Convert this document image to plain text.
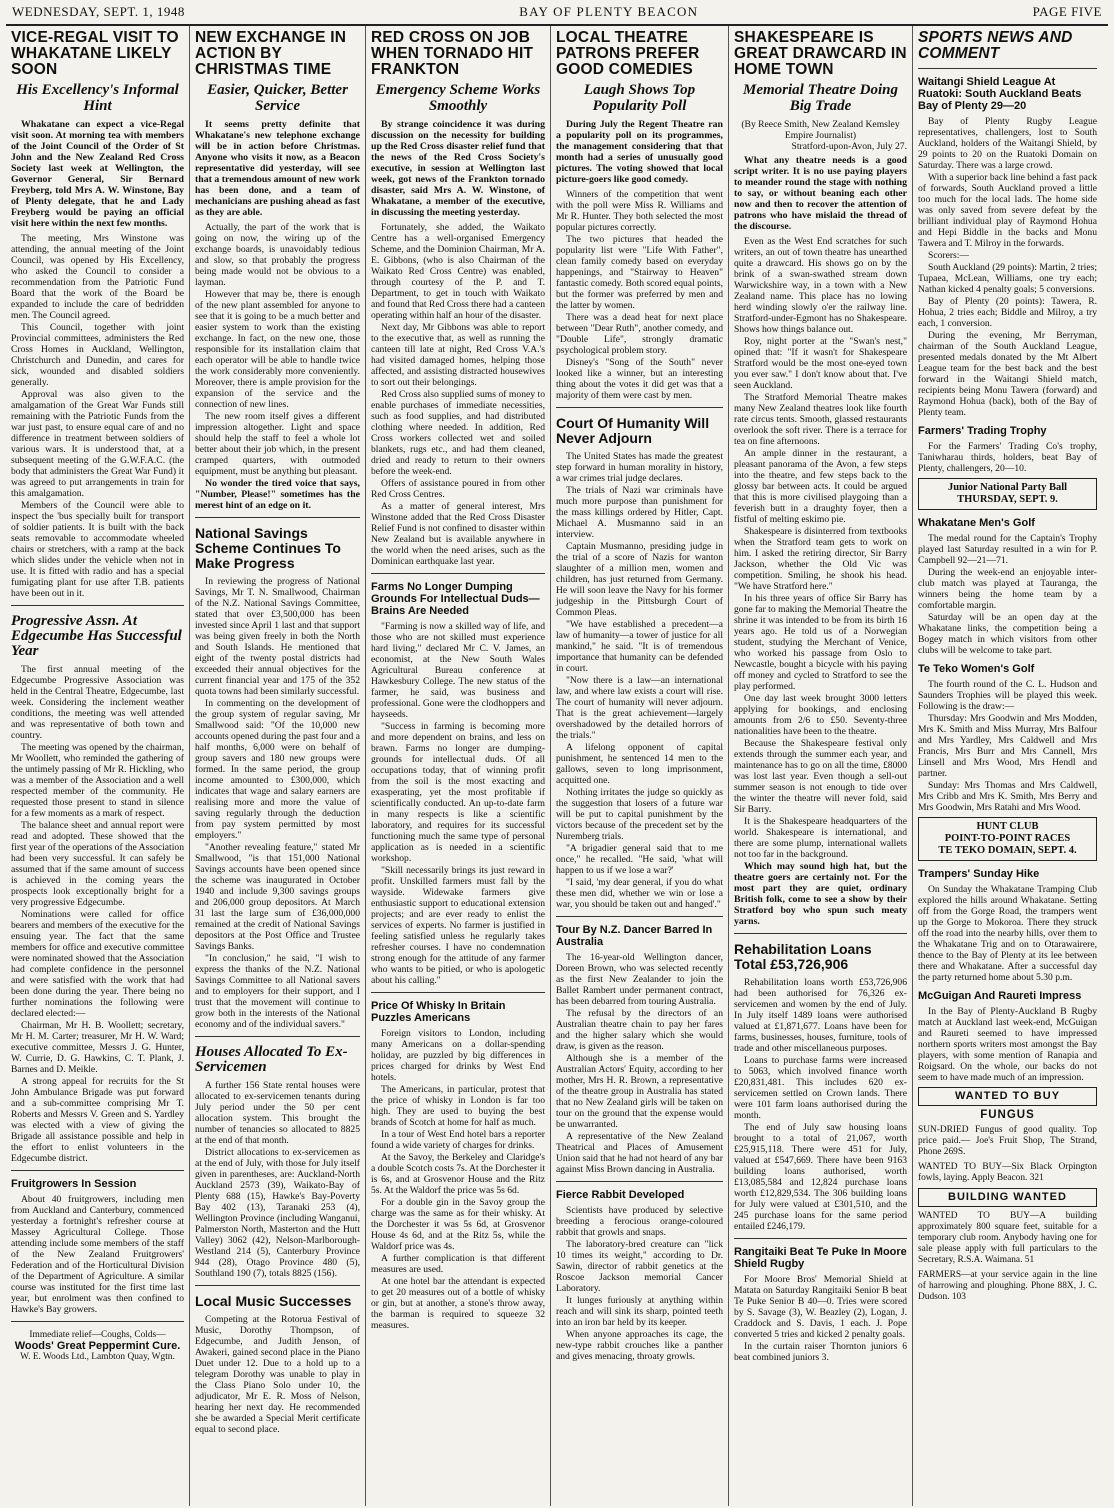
WEDNESDAY, SEPT. 1, 1948	BAY OF PLENTY BEACON	PAGE FIVE
VICE-REGAL VISIT TO WHAKATANE LIKELY SOON
His Excellency's Informal Hint

Whakatane can expect a vice-Regal visit soon. At morning tea with members of the Joint Council of the Order of St John and the New Zealand Red Cross Society last week at Wellington, the Governor General, Sir Bernard Freyberg, told Mrs A. W. Winstone, Bay of Plenty delegate, that he and Lady Freyberg would be paying an official visit here within the next few months.

The meeting, Mrs Winstone was attending, the annual meeting of the Joint Council, was opened by His Excellency, who asked the Council to consider a recommendation from the Patriotic Fund Board that the work of the Board be expanded to include the care of bedridden men. The Council agreed.

This Council, together with joint Provincial committees, administers the Red Cross Homes in Auckland, Wellington, Christchurch and Dunedin, and cares for sick, wounded and disabled soldiers generally.

Approval was also given to the amalgamation of the Great War Funds still remaining with the Patriotic Funds from the war just past, to ensure equal care of and no difference in treatment between soldiers of various wars. It is understood that, at a subsequent meeting of the G.W.F.A.C. (the body that administers the Great War Fund) it was agreed to put arrangements in train for this amalgamation.

Members of the Council were able to inspect the 'bus specially built for transport of soldier patients. It is built with the back seats removable to accommodate wheeled chairs or stretchers, with a ramp at the back which slides under the vehicle when not in use. It is fitted with radio and has a special fumigating plant for use after T.B. patients have been out in it.

Progressive Assn. At Edgecumbe Has Successful Year

The first annual meeting of the Edgecumbe Progressive Association was held in the Central Theatre, Edgecumbe, last week. Considering the inclement weather conditions, the meeting was well attended and was representative of both town and country.

The meeting was opened by the chairman, Mr Woollett, who reminded the gathering of the untimely passing of Mr R. Hickling, who was a member of the Association and a well respected member of the community. He requested those present to stand in silence for a few moments as a mark of respect.

The balance sheet and annual report were read and adopted. These showed that the first year of the operations of the Association had been very successful. It can safely be assumed that if the same amount of success is achieved in the coming years the prospects look exceptionally bright for a very progressive Edgecumbe.

Nominations were called for office bearers and members of the executive for the ensuing year. The fact that the same members for office and executive committee were nominated showed that the Association had complete confidence in the personnel and were satisfied with the work that had been done during the year. There being no further nominations the following were declared elected:—

Chairman, Mr H. B. Woollett; secretary, Mr H. M. Carter; treasurer, Mr H. W. Ward; executive committee, Messrs J. G. Hunter, W. Currie, D. G. Hawkins, C. T. Plank, J. Barnes and D. Meikle.

A strong appeal for recruits for the St John Ambulance Brigade was put forward and a sub-committee comprising Mr T. Roberts and Messrs V. Green and S. Yardley was elected with a view of giving the Brigade all assistance possible and help in the effort to enlist volunteers in the Edgecumbe district.

Fruitgrowers In Session

About 40 fruitgrowers, including men from Auckland and Canterbury, commenced yesterday a fortnight's refresher course at Massey Agricultural College. Those attending include some members of the staff of the New Zealand Fruitgrowers' Federation and of the Horticultural Division of the Department of Agriculture. A similar course was instituted for the first time last year, but enrolment was then confined to Hawke's Bay growers.

Immediate relief—Coughs, Colds—
Woods' Great Peppermint Cure.
W. E. Woods Ltd., Lambton Quay, Wgtn.
NEW EXCHANGE IN ACTION BY CHRISTMAS TIME
Easier, Quicker, Better Service

It seems pretty definite that Whakatane's new telephone exchange will be in action before Christmas. Anyone who visits it now, as a Beacon representative did yesterday, will see that a tremendous amount of new work has been done, and a team of mechanicians are pushing ahead as fast as they are able.

Actually, the part of the work that is going on now, the wiring up of the exchange boards, is unavoidably tedious and slow, so that probably the progress being made would not be obvious to a layman.

However that may be, there is enough of the new plant assembled for anyone to see that it is going to be a much better and easier system to work than the existing exchange. In fact, on the new one, those responsible for its installation claim that each operator will be able to handle twice the work considerably more conveniently. Moreover, there is ample provision for the expansion of the service and the connection of new lines.

The new room itself gives a different impression altogether. Light and space should help the staff to feel a whole lot better about their job which, in the present cramped quarters, with outmoded equipment, must be anything but pleasant.

No wonder the tired voice that says, "Number, Please!" sometimes has the merest hint of an edge on it.

National Savings Scheme Continues To Make Progress

In reviewing the progress of National Savings, Mr T. N. Smallwood, Chairman of the N.Z. National Savings Committee, stated that over £3,500,000 has been invested since April 1 last and that support was being given freely in both the North and South Islands. He mentioned that eight of the twenty postal districts had exceeded their annual objectives for the current financial year and 175 of the 352 quota towns had been similarly successful.

In commenting on the development of the group system of regular saving, Mr Smallwood said: "Of the 10,000 new accounts opened during the past four and a half months, 6,000 were on behalf of group savers and 180 new groups were formed. In the same period, the group income amounted to £300,000, which indicates that wage and salary earners are realising more and more the value of saving regularly through the deduction from pay system permitted by most employers."

"Another revealing feature," stated Mr Smallwood, "is that 151,000 National Savings accounts have been opened since the scheme was inaugurated in October 1940 and include 9,300 savings groups and 206,000 group depositors. At March 31 last the large sum of £36,000,000 remained at the credit of National Savings depositors at the Post Office and Trustee Savings Banks.

"In conclusion," he said, "I wish to express the thanks of the N.Z. National Savings Committee to all National savers and to employers for their support, and I trust that the movement will continue to grow both in the interests of the National economy and of the individual savers."

Houses Allocated To Ex-Servicemen

A further 156 State rental houses were allocated to ex-servicemen tenants during July period under the 50 per cent allocation system. This brought the number of tenancies so allocated to 8825 at the end of that month.

District allocations to ex-servicemen as at the end of July, with those for July itself given in parentheses, are: Auckland-North Auckland 2573 (39), Waikato-Bay of Plenty 688 (15), Hawke's Bay-Poverty Bay 402 (13), Taranaki 253 (4), Wellington Province (including Wanganui, Palmerston North, Masterton and the Hutt Valley) 3062 (42), Nelson-Marlborough-Westland 214 (5), Canterbury Province 944 (28), Otago Province 480 (5), Southland 190 (7), totals 8825 (156).

Local Music Successes

Competing at the Rotorua Festival of Music, Dorothy Thompson, of Edgecumbe, and Judith Jenson, of Awakeri, gained second place in the Piano Duet under 12. Due to a hold up to a telegram Dorothy was unable to play in the Class Piano Solo under 10, the adjudicator, Mr E. R. Moss of Nelson, hearing her next day. He recommended she be awarded a Special Merit certificate equal to second place.

RED CROSS ON JOB WHEN TORNADO HIT FRANKTON
Emergency Scheme Works Smoothly

By strange coincidence it was during discussion on the necessity for building up the Red Cross disaster relief fund that the news of the Red Cross Society's executive, in session at Wellington last week, got news of the Frankton tornado disaster, said Mrs A. W. Winstone, of Whakatane, a member of the executive, in discussing the meeting yesterday.

Fortunately, she added, the Waikato Centre has a well-organised Emergency Scheme, and the Dominion Chairman, Mr A. E. Gibbons, (who is also Chairman of the Waikato Red Cross Centre) was enabled, through courtesy of the P. and T. Department, to get in touch with Waikato and found that Red Cross there had a canteen operating within half an hour of the disaster.

Next day, Mr Gibbons was able to report to the executive that, as well as running the canteen till late at night, Red Cross V.A.'s had visited damaged homes, helping those affected, and assisting distracted housewives to sort out their belongings.

Red Cross also supplied sums of money to enable purchases of immediate necessities, such as food supplies, and had distributed clothing where needed. In addition, Red Cross workers collected wet and soiled blankets, rugs etc., and had them cleaned, dried and ready to return to their owners before the week-end.

Offers of assistance poured in from other Red Cross Centres.

As a matter of general interest, Mrs Winstone added that the Red Cross Disaster Relief Fund is not confined to disaster within New Zealand but is available anywhere in the world when the need arises, such as the Dominican earthquake last year.

Farms No Longer Dumping Grounds For Intellectual Duds—Brains Are Needed

"Farming is now a skilled way of life, and those who are not skilled must experience hard living," declared Mr C. V. James, an economist, at the New South Wales Agricultural Bureau conference at Hawkesbury College. The new status of the farmer, he said, was business and professional. Gone were the clodhoppers and hayseeds.

"Success in farming is becoming more and more dependent on brains, and less on brawn. Farms no longer are dumping-grounds for intellectual duds. Of all occupations today, that of winning profit from the soil is the most exacting and exasperating, yet the most profitable if scientifically conducted. An up-to-date farm in many respects is like a scientific laboratory, and requires for its successful functioning much the same type of personal application as is needed in a scientific workshop.

"Skill necessarily brings its just reward in profit. Unskilled farmers must fall by the wayside. Widewake farmers give enthusiastic support to educational extension projects; and are ever ready to enlist the services of experts. No farmer is justified in feeling satisfied unless he regularly takes refresher courses. I have no condemnation strong enough for the attitude of any farmer who wants to be pitied, or who is apologetic about his calling."

Price Of Whisky In Britain Puzzles Americans

Foreign visitors to London, including many Americans on a dollar-spending holiday, are puzzled by big differences in prices charged for drinks by West End hotels.

The Americans, in particular, protest that the price of whisky in London is far too high. They are used to buying the best brands of Scotch at home for half as much.

In a tour of West End hotel bars a reporter found a wide variety of charges for drinks.

At the Savoy, the Berkeley and Claridge's a double Scotch costs 7s. At the Dorchester it is 6s, and at Grosvenor House and the Ritz 5s. At the Waldorf the price was 5s 6d.

For a double gin in the Savoy group the charge was the same as for their whisky. At the Dorchester it was 5s 6d, at Grosvenor House 4s 6d, and at the Ritz 5s, while the Waldorf price was 4s.

A further complication is that different measures are used.

At one hotel bar the attendant is expected to get 20 measures out of a bottle of whisky or gin, but at another, a stone's throw away, the barman is required to squeeze 32 measures.

LOCAL THEATRE PATRONS PREFER GOOD COMEDIES
Laugh Shows Top Popularity Poll

During July the Regent Theatre ran a popularity poll on its programmes, the management considering that that month had a series of unusually good pictures. The voting showed that local picture-goers like good comedy.

Winners of the competition that went with the poll were Miss R. Williams and Mr R. Hunter. They both selected the most popular pictures correctly.

The two pictures that headed the popularity list were "Life With Father", clean family comedy based on everyday happenings, and "Stairway to Heaven" fantastic comedy. Both scored equal points, but the former was preferred by men and the latter by women.

There was a dead heat for next place between "Dear Ruth", another comedy, and "Double Life", strongly dramatic psychological problem story.

Disney's "Song of the South" never looked like a winner, but an interesting thing about the votes it did get was that a majority of them were cast by men.

Court Of Humanity Will Never Adjourn

The United States has made the greatest step forward in human morality in history, a war crimes trial judge declares.

The trials of Nazi war criminals have much more purpose than punishment for the mass killings ordered by Hitler, Capt. Michael A. Musmanno said in an interview.

Captain Musmanno, presiding judge in the trial of a score of Nazis for wanton slaughter of a million men, women and children, has just returned from Germany. He will soon leave the Navy for his former judgeship in the Pittsburgh Court of Common Pleas.

"We have established a precedent—a law of humanity—a tower of justice for all mankind," he said. "It is of tremendous importance that humanity can be defended in court.

"Now there is a law—an international law, and where law exists a court will rise. The court of humanity will never adjourn. That is the great achievement—largely overshadowed by the detailed horrors of the trials."

A lifelong opponent of capital punishment, he sentenced 14 men to the gallows, seven to long imprisonment, acquitted one.

Nothing irritates the judge so quickly as the suggestion that losers of a future war will be put to capital punishment by the victors because of the precedent set by the Nuremberg trials.

"A brigadier general said that to me once," he recalled. "He said, 'what will happen to us if we lose a war?'

"I said, 'my dear general, if you do what these men did, whether we win or lose a war, you should be taken out and hanged'."

Tour By N.Z. Dancer Barred In Australia

The 16-year-old Wellington dancer, Doreen Brown, who was selected recently as the first New Zealander to join the Ballet Rambert under permanent contract, has been debarred from touring Australia.

The refusal by the directors of an Australian theatre chain to pay her fares and the higher salary which she would draw, is given as the reason.

Although she is a member of the Australian Actors' Equity, according to her mother, Mrs H. R. Brown, a representative of the theatre group in Australia has stated that no New Zealand girls will be taken on tour on the ground that the expense would be unwarranted.

A representative of the New Zealand Theatrical and Places of Amusement Union said that he had not heard of any bar against Miss Brown dancing in Australia.

Fierce Rabbit Developed

Scientists have produced by selective breeding a ferocious orange-coloured rabbit that growls and snaps.

The laboratory-bred creature can "lick 10 times its weight," according to Dr. Sawin, director of rabbit genetics at the Roscoe Jackson memorial Cancer Laboratory.

It lunges furiously at anything within reach and will sink its sharp, pointed teeth into an iron bar held by its keeper.

When anyone approaches its cage, the new-type rabbit crouches like a panther and gives menacing, throaty growls.

SHAKESPEARE IS GREAT DRAWCARD IN HOME TOWN
Memorial Theatre Doing Big Trade

(By Reece Smith, New Zealand Kemsley Empire Journalist)

Stratford-upon-Avon, July 27.

What any theatre needs is a good script writer. It is no use paying players to meander round the stage with nothing to say, or without beaning each other now and then to recover the attention of patrons who have mislaid the thread of the discourse.

Even as the West End scratches for such writers, an out of town theatre has unearthed quite a drawcard. His shows go on by the brink of a swan-swathed stream down Warwickshire way, in a town with a New Zealand name. This place has no lowing herd winding slowly o'er the railway line. Stratford-under-Egmont has no Shakespeare. Shows how things balance out.

Roy, night porter at the "Swan's nest," opined that: "If it wasn't for Shakespeare Stratford would be the most one-eyed town you ever saw." I don't know about that. I've seen Auckland.

The Stratford Memorial Theatre makes many New Zealand theatres look like fourth rate circus tents. Smooth, glassed restaurants overlook the soft river. There is a terrace for tea on fine afternoons.

An ample dinner in the restaurant, a pleasant panorama of the Avon, a few steps into the theatre, and few steps back to the glossy bar between acts. It could be argued that this is more civilised playgoing than a feverish butt in a draughty foyer, then a fistful of melting eskimo pie.

Shakespeare is disinterred from textbooks when the Stratford team gets to work on him. I asked the retiring director, Sir Barry Jackson, whether the Old Vic was competition. Smiling, he shook his head. "We have Stratford here."

In his three years of office Sir Barry has gone far to making the Memorial Theatre the shrine it was intended to be from its birth 16 years ago. He told us of a Norwegian student, studying the Merchant of Venice, who worked his passage from Oslo to Newcastle, bought a bicycle with his paying off money and cycled to Stratford to see the play performed.

One day last week brought 3000 letters applying for bookings, and enclosing amounts from 2/6 to £50. Seventy-three nationalities have been to the theatre.

Because the Shakespeare festival only extends through the summer each year, and maintenance has to go on all the time, £8000 was lost last year. Even though a sell-out summer season is not enough to tide over the winter the theatre will never fold, said Sir Barry.

It is the Shakespeare headquarters of the world. Shakespeare is international, and there are some plump, international wallets not too far in the background.

Which may sound high hat, but the theatre goers are certainly not. For the most part they are quiet, ordinary British folk, come to see a show by their Stratford boy who spun such meaty yarns.

Rehabilitation Loans Total £53,726,906

Rehabilitation loans worth £53,726,906 had been authorised for 76,326 ex-servicemen and women by the end of July. In July itself 1489 loans were authorised valued at £1,871,677. Loans have been for farms, businesses, houses, furniture, tools of trade and other miscellaneous purposes.

Loans to purchase farms were increased to 5063, which involved finance worth £20,831,481. This includes 620 ex-servicemen settled on Crown lands. There were 101 farm loans authorised during the month.

The end of July saw housing loans brought to a total of 21,067, worth £25,915,118. There were 451 for July, valued at £547,669. There have been 9163 building loans authorised, worth £13,085,584 and 12,824 purchase loans worth £12,829,534. The 306 building loans for July were valued at £301,510, and the 245 purchase loans for the same period entailed £246,179.

Rangitaiki Beat Te Puke In Moore Shield Rugby

For Moore Bros' Memorial Shield at Matata on Saturday Rangitaiki Senior B beat Te Puke Senior B 40—0. Tries were scored by S. Savage (3), W. Beazley (2), Logan, J. Craddock and S. Davis, 1 each. J. Pope converted 5 tries and kicked 2 penalty goals.

In the curtain raiser Thornton juniors 6 beat combined juniors 3.

SPORTS NEWS AND COMMENT
Waitangi Shield League At Ruatoki: South Auckland Beats Bay of Plenty 29—20

Bay of Plenty Rugby League representatives, challengers, lost to South Auckland, holders of the Waitangi Shield, by 29 points to 20 on the Ruatoki Domain on Saturday. There was a large crowd.

With a superior back line behind a fast pack of forwards, South Auckland proved a little too much for the local lads. The home side was only saved from severe defeat by the brilliant individual play of Raymond Hohua and Hepi Biddle in the backs and Monu Tawera and T. Milroy in the forwards.

Scorers:—

South Auckland (29 points): Martin, 2 tries; Tupaea, McLean, Williams, one try each; Nathan kicked 4 penalty goals; 5 conversions.

Bay of Plenty (20 points): Tawera, R. Hohua, 2 tries each; Biddle and Milroy, a try each, 1 conversion.

During the evening, Mr Berryman, chairman of the South Auckland League, presented medals donated by the Mt Albert League team for the best back and the best forward in the Waitangi Shield match, recipients being Monu Tawera (forward) and Raymond Hohua (back), both of the Bay of Plenty team.

Farmers' Trading Trophy

For the Farmers' Trading Co's trophy, Taniwharau thirds, holders, beat Bay of Plenty, challengers, 20—10.

Junior National Party Ball
THURSDAY, SEPT. 9.
Whakatane Men's Golf

The medal round for the Captain's Trophy played last Saturday resulted in a win for P. Campbell 92—21—71.

During the week-end an enjoyable inter-club match was played at Tauranga, the winners being the home team by a comfortable margin.

Saturday will be an open day at the Whakatane links, the competition being a Bogey match in which visitors from other clubs will be welcome to take part.

Te Teko Women's Golf

The fourth round of the C. L. Hudson and Saunders Trophies will be played this week. Following is the draw:—

Thursday: Mrs Goodwin and Mrs Modden, Mrs K. Smith and Miss Murray, Mrs Balfour and Mrs Yardley, Mrs Caldwell and Mrs Francis, Mrs Burr and Mrs Cannell, Mrs Linsell and Mrs Wood, Mrs Hendl and partner.

Sunday: Mrs Thomas and Mrs Caldwell, Mrs Cribb and Mrs K. Smith, Mrs Berry and Mrs Goodwin, Mrs Ratahi and Mrs Wood.

HUNT CLUB
POINT-TO-POINT RACES
TE TEKO DOMAIN, SEPT. 4.
Trampers' Sunday Hike

On Sunday the Whakatane Tramping Club explored the hills around Whakatane. Setting off from the Gorge Road, the trampers went up the Gorge to Mokoroa. There they struck off the road into the nearby hills, over them to the Whakatane Trig and on to Otarawairere, thence to the Bay of Plenty at its lee between there and Whakatane. After a successful day the party returned home about 5.30 p.m.

McGuigan And Raureti Impress

In the Bay of Plenty-Auckland B Rugby match at Auckland last week-end, McGuigan and Raureti seemed to have impressed northern sports writers most amongst the Bay players, with some mention of Ranapia and Roigsard. On the whole, our backs do not seem to have made much of an impression.

WANTED TO BUY
FUNGUS

SUN-DRIED Fungus of good quality. Top price paid.— Joe's Fruit Shop, The Strand, Phone 269S.

WANTED TO BUY—Six Black Orpington fowls, laying. Apply Beacon. 321

BUILDING WANTED

WANTED TO BUY—A building approximately 800 square feet, suitable for a temporary club room. Anybody having one for sale please apply with full particulars to the Secretary, R.S.A. Waimana. 51

FARMERS—at your service again in the line of harrowing and ploughing. Phone 88X, J. C. Dudson. 103
